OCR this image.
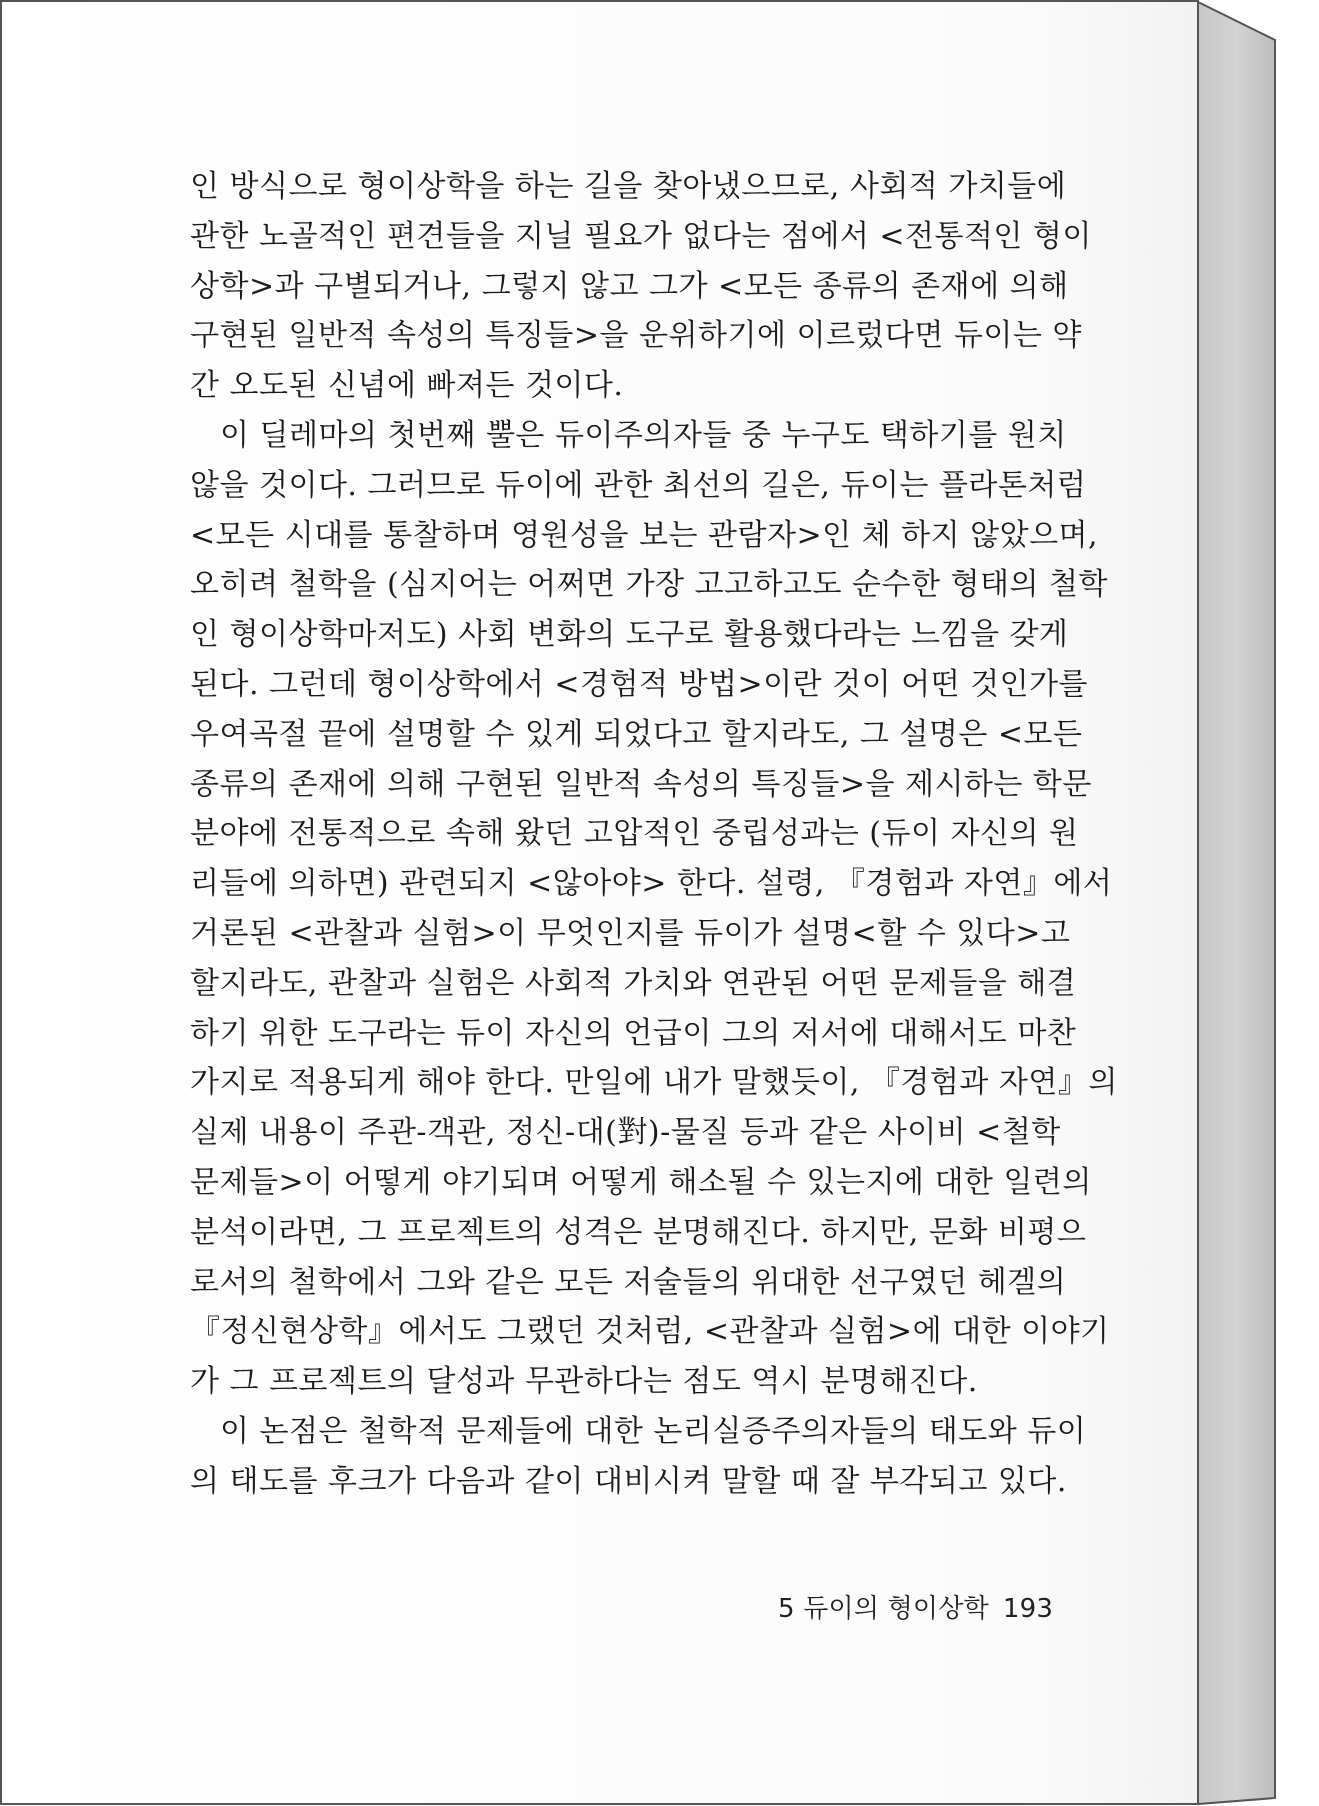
인 방식으로 형이상학을 하는 길을 찾아냈으므로, 사회적 가치들에
관한 노골적인 편견들을 지닐 필요가 없다는 점에서 <전통적인 형이
상학>과 구별되거나, 그렇지 않고 그가 <모든 종류의 존재에 의해
구현된 일반적 속성의 특징들>을 운위하기에 이르렀다면 듀이는 약
간 오도된 신념에 빠져든 것이다.
이 딜레마의 첫번째 뿔은 듀이주의자들 중 누구도 택하기를 원치
않을 것이다. 그러므로 듀이에 관한 최선의 길은, 듀이는 플라톤처럼
<모든 시대를 통찰하며 영원성을 보는 관람자>인 체 하지 않았으며,
오히려 철학을 (심지어는 어쩌면 가장 고고하고도 순수한 형태의 철학
인 형이상학마저도) 사회 변화의 도구로 활용했다라는 느낌을 갖게
된다. 그런데 형이상학에서 <경험적 방법>이란 것이 어떤 것인가를
우여곡절 끝에 설명할 수 있게 되었다고 할지라도, 그 설명은 <모든
종류의 존재에 의해 구현된 일반적 속성의 특징들>을 제시하는 학문
분야에 전통적으로 속해 왔던 고압적인 중립성과는 (듀이 자신의 원
리들에 의하면) 관련되지 <않아야> 한다. 설령, 『경험과 자연』에서
거론된 <관찰과 실험>이 무엇인지를 듀이가 설명<할 수 있다>고
할지라도, 관찰과 실험은 사회적 가치와 연관된 어떤 문제들을 해결
하기 위한 도구라는 듀이 자신의 언급이 그의 저서에 대해서도 마찬
가지로 적용되게 해야 한다. 만일에 내가 말했듯이, 『경험과 자연』의
실제 내용이 주관-객관, 정신-대(對)-물질 등과 같은 사이비 <철학
문제들>이 어떻게 야기되며 어떻게 해소될 수 있는지에 대한 일련의
분석이라면, 그 프로젝트의 성격은 분명해진다. 하지만, 문화 비평으
로서의 철학에서 그와 같은 모든 저술들의 위대한 선구였던 헤겔의
『정신현상학』에서도 그랬던 것처럼, <관찰과 실험>에 대한 이야기
가 그 프로젝트의 달성과 무관하다는 점도 역시 분명해진다.
이 논점은 철학적 문제들에 대한 논리실증주의자들의 태도와 듀이
의 태도를 후크가 다음과 같이 대비시켜 말할 때 잘 부각되고 있다.
5 듀이의 형이상학 193
